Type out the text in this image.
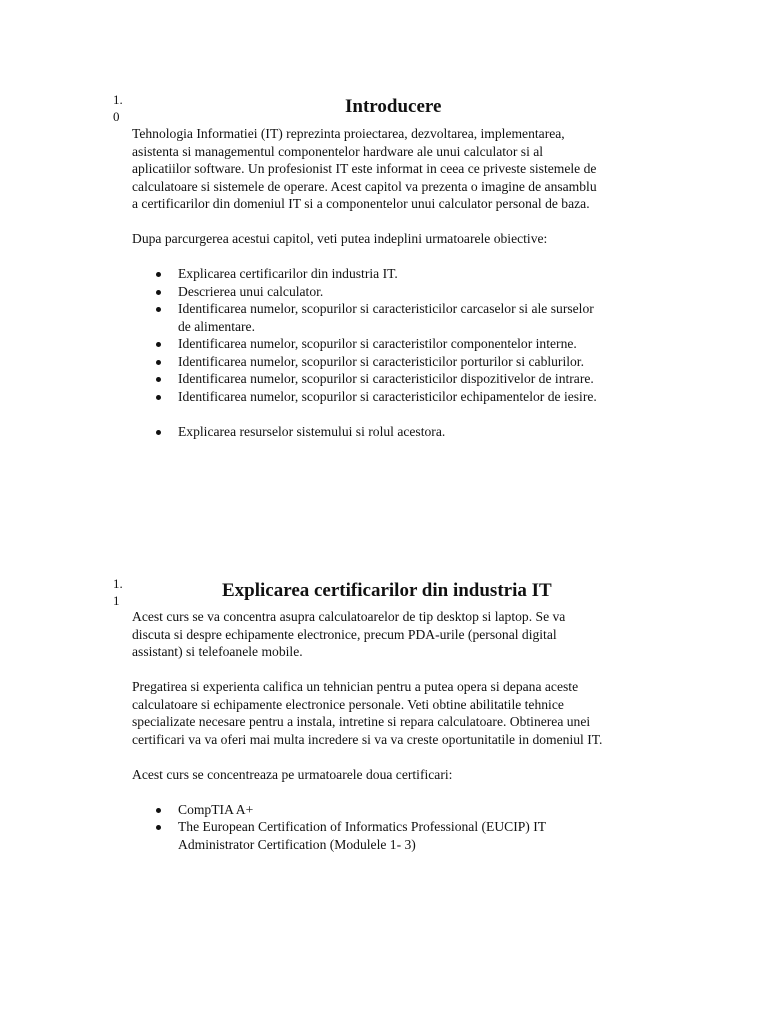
1.0	Introducere

Tehnologia Informatiei (IT) reprezinta proiectarea, dezvoltarea, implementarea, asistenta si managementul componentelor hardware ale unui calculator si al aplicatiilor software. Un profesionist IT este informat in ceea ce priveste sistemele de calculatoare si sistemele de operare. Acest capitol va prezenta o imagine de ansamblu a certificarilor din domeniul IT si a componentelor unui calculator personal de baza.

Dupa parcurgerea acestui capitol, veti putea indeplini urmatoarele obiective:

Explicarea certificarilor din industria IT.
Descrierea unui calculator.
Identificarea numelor, scopurilor si caracteristicilor carcaselor si ale surselor de alimentare.
Identificarea numelor, scopurilor si caracteristilor componentelor interne.
Identificarea numelor, scopurilor si caracteristicilor porturilor si cablurilor.
Identificarea numelor, scopurilor si caracteristicilor dispozitivelor de intrare.
Identificarea numelor, scopurilor si caracteristicilor echipamentelor de iesire.
Explicarea resurselor sistemului si rolul acestora.
1.1	Explicarea certificarilor din industria IT

Acest curs se va concentra asupra calculatoarelor de tip desktop si laptop. Se va discuta si despre echipamente electronice, precum PDA-urile (personal digital assistant) si telefoanele mobile.

Pregatirea si experienta califica un tehnician pentru a putea opera si depana aceste calculatoare si echipamente electronice personale. Veti obtine abilitatile tehnice specializate necesare pentru a instala, intretine si repara calculatoare. Obtinerea unei certificari va va oferi mai multa incredere si va va creste oportunitatile in domeniul IT.

Acest curs se concentreaza pe urmatoarele doua certificari:

CompTIA A+
The European Certification of Informatics Professional (EUCIP) IT Administrator Certification (Modulele 1- 3)
